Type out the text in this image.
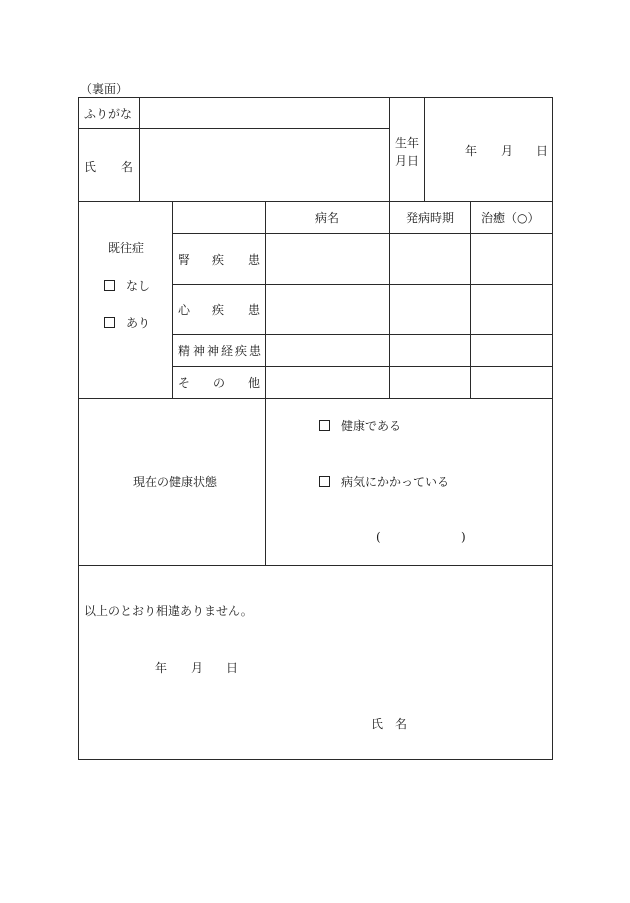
（裏面）
ふりがな
氏 名
生年
月日
年 月 日
既往症
なし
あり
病名	発病時期 治癒（○）
腎 疾 患
心 疾 患
精 神 神 経 疾 患
そ の 他
現在の健康状態
健康である
病気にかかっている
(	)
以上のとおり相違ありません。
年 月 日
氏 名
